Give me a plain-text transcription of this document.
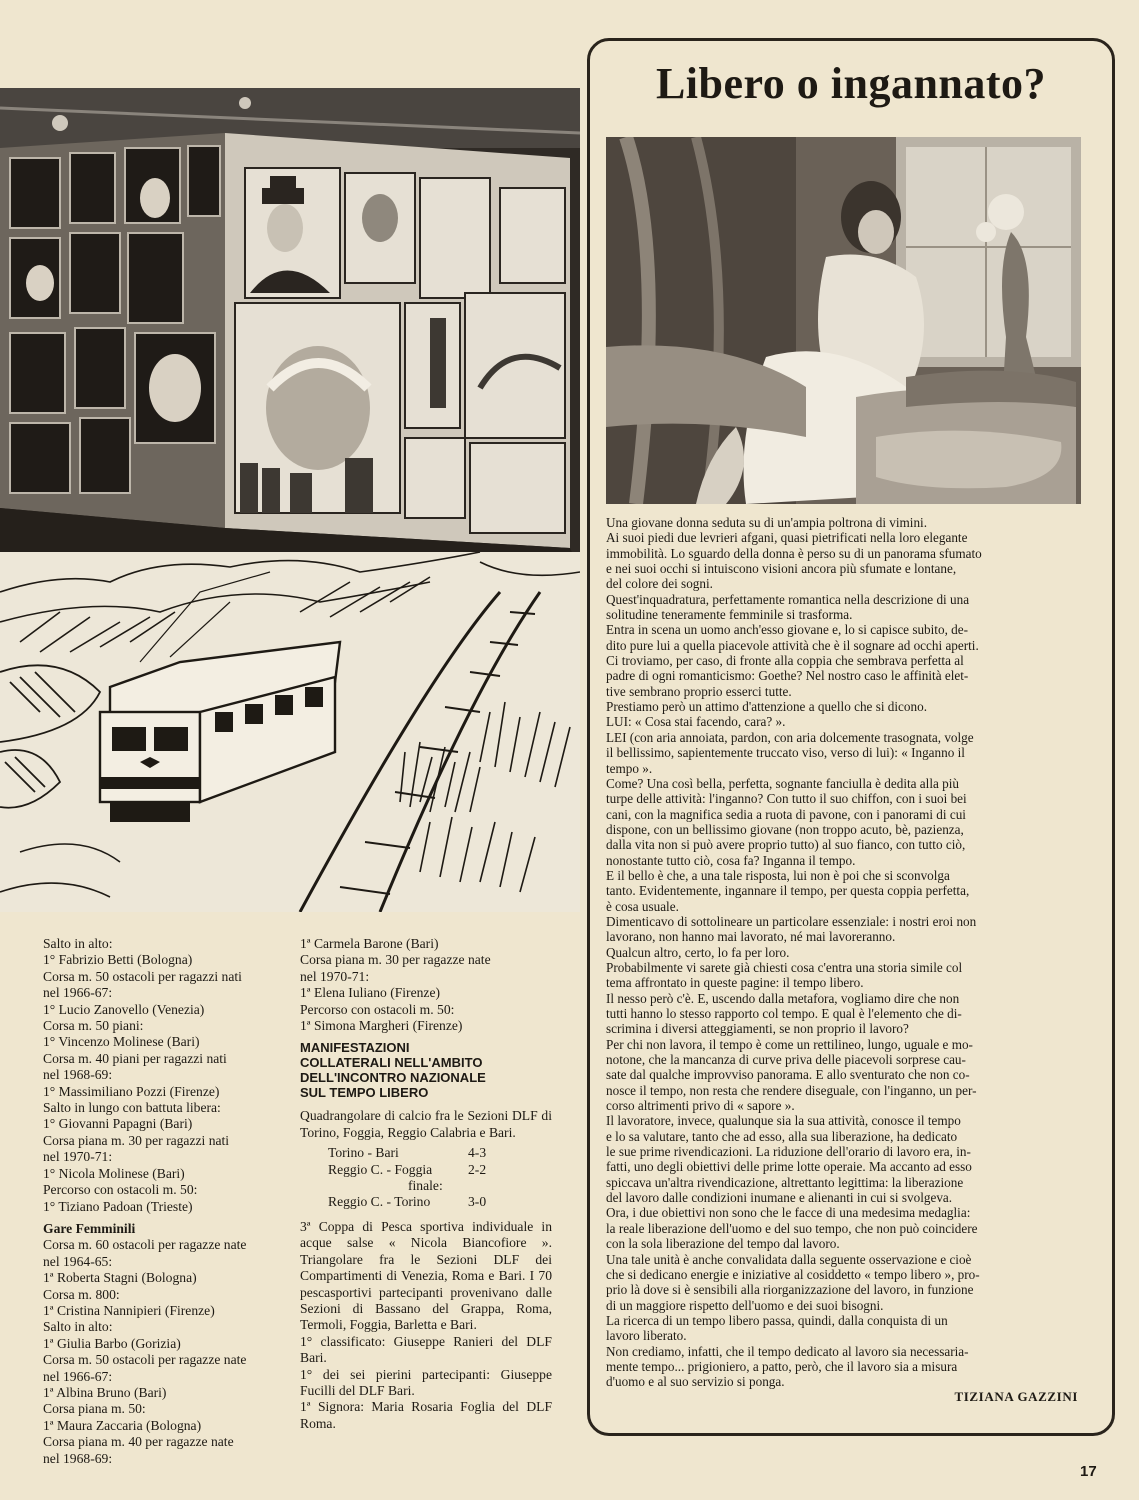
Salto in alto:

1° Fabrizio Betti (Bologna)

Corsa m. 50 ostacoli per ragazzi nati

nel 1966-67:

1° Lucio Zanovello (Venezia)

Corsa m. 50 piani:

1° Vincenzo Molinese (Bari)

Corsa m. 40 piani per ragazzi nati

nel 1968-69:

1° Massimiliano Pozzi (Firenze)

Salto in lungo con battuta libera:

1° Giovanni Papagni (Bari)

Corsa piana m. 30 per ragazzi nati

nel 1970-71:

1° Nicola Molinese (Bari)

Percorso con ostacoli m. 50:

1° Tiziano Padoan (Trieste)

Gare Femminili

Corsa m. 60 ostacoli per ragazze nate

nel 1964-65:

1ª Roberta Stagni (Bologna)

Corsa m. 800:

1ª Cristina Nannipieri (Firenze)

Salto in alto:

1ª Giulia Barbo (Gorizia)

Corsa m. 50 ostacoli per ragazze nate

nel 1966-67:

1ª Albina Bruno (Bari)

Corsa piana m. 50:

1ª Maura Zaccaria (Bologna)

Corsa piana m. 40 per ragazze nate

nel 1968-69:

1ª Carmela Barone (Bari)

Corsa piana m. 30 per ragazze nate

nel 1970-71:

1ª Elena Iuliano (Firenze)

Percorso con ostacoli m. 50:

1ª Simona Margheri (Firenze)

MANIFESTAZIONI
COLLATERALI NELL'AMBITO
DELL'INCONTRO NAZIONALE
SUL TEMPO LIBERO

Quadrangolare di calcio fra le Sezioni DLF di Torino, Foggia, Reggio Calabria e Bari.

Torino - Bari	4-3
Reggio C. - Foggia	2-2
finale:
Reggio C. - Torino	3-0

3ª Coppa di Pesca sportiva individuale in acque salse « Nicola Biancofiore ». Triangolare fra le Sezioni DLF dei Compartimenti di Venezia, Roma e Bari. I 70 pescasportivi partecipanti provenivano dalle Sezioni di Bassano del Grappa, Roma, Termoli, Foggia, Barletta e Bari.

1° classificato: Giuseppe Ranieri del DLF Bari.

1° dei sei pierini partecipanti: Giuseppe Fucilli del DLF Bari.

1ª Signora: Maria Rosaria Foglia del DLF Roma.

Libero o ingannato?

Una giovane donna seduta su di un'ampia poltrona di vimini.

Ai suoi piedi due levrieri afgani, quasi pietrificati nella loro elegante

immobilità. Lo sguardo della donna è perso su di un panorama sfumato

e nei suoi occhi si intuiscono visioni ancora più sfumate e lontane,

del colore dei sogni.

Quest'inquadratura, perfettamente romantica nella descrizione di una

solitudine teneramente femminile si trasforma.

Entra in scena un uomo anch'esso giovane e, lo si capisce subito, de-

dito pure lui a quella piacevole attività che è il sognare ad occhi aperti.

Ci troviamo, per caso, di fronte alla coppia che sembrava perfetta al

padre di ogni romanticismo: Goethe? Nel nostro caso le affinità elet-

tive sembrano proprio esserci tutte.

Prestiamo però un attimo d'attenzione a quello che si dicono.

LUI: « Cosa stai facendo, cara? ».

LEI (con aria annoiata, pardon, con aria dolcemente trasognata, volge

il bellissimo, sapientemente truccato viso, verso di lui): « Inganno il

tempo ».

Come? Una così bella, perfetta, sognante fanciulla è dedita alla più

turpe delle attività: l'inganno? Con tutto il suo chiffon, con i suoi bei

cani, con la magnifica sedia a ruota di pavone, con i panorami di cui

dispone, con un bellissimo giovane (non troppo acuto, bè, pazienza,

dalla vita non si può avere proprio tutto) al suo fianco, con tutto ciò,

nonostante tutto ciò, cosa fa? Inganna il tempo.

E il bello è che, a una tale risposta, lui non è poi che si sconvolga

tanto. Evidentemente, ingannare il tempo, per questa coppia perfetta,

è cosa usuale.

Dimenticavo di sottolineare un particolare essenziale: i nostri eroi non

lavorano, non hanno mai lavorato, né mai lavoreranno.

Qualcun altro, certo, lo fa per loro.

Probabilmente vi sarete già chiesti cosa c'entra una storia simile col

tema affrontato in queste pagine: il tempo libero.

Il nesso però c'è. E, uscendo dalla metafora, vogliamo dire che non

tutti hanno lo stesso rapporto col tempo. E qual è l'elemento che di-

scrimina i diversi atteggiamenti, se non proprio il lavoro?

Per chi non lavora, il tempo è come un rettilineo, lungo, uguale e mo-

notone, che la mancanza di curve priva delle piacevoli sorprese cau-

sate dal qualche improvviso panorama. E allo sventurato che non co-

nosce il tempo, non resta che rendere diseguale, con l'inganno, un per-

corso altrimenti privo di « sapore ».

Il lavoratore, invece, qualunque sia la sua attività, conosce il tempo

e lo sa valutare, tanto che ad esso, alla sua liberazione, ha dedicato

le sue prime rivendicazioni. La riduzione dell'orario di lavoro era, in-

fatti, uno degli obiettivi delle prime lotte operaie. Ma accanto ad esso

spiccava un'altra rivendicazione, altrettanto legittima: la liberazione

del lavoro dalle condizioni inumane e alienanti in cui si svolgeva.

Ora, i due obiettivi non sono che le facce di una medesima medaglia:

la reale liberazione dell'uomo e del suo tempo, che non può coincidere

con la sola liberazione del tempo dal lavoro.

Una tale unità è anche convalidata dalla seguente osservazione e cioè

che si dedicano energie e iniziative al cosiddetto « tempo libero », pro-

prio là dove si è sensibili alla riorganizzazione del lavoro, in funzione

di un maggiore rispetto dell'uomo e dei suoi bisogni.

La ricerca di un tempo libero passa, quindi, dalla conquista di un

lavoro liberato.

Non crediamo, infatti, che il tempo dedicato al lavoro sia necessaria-

mente tempo... prigioniero, a patto, però, che il lavoro sia a misura

d'uomo e al suo servizio si ponga.

TIZIANA GAZZINI
17
